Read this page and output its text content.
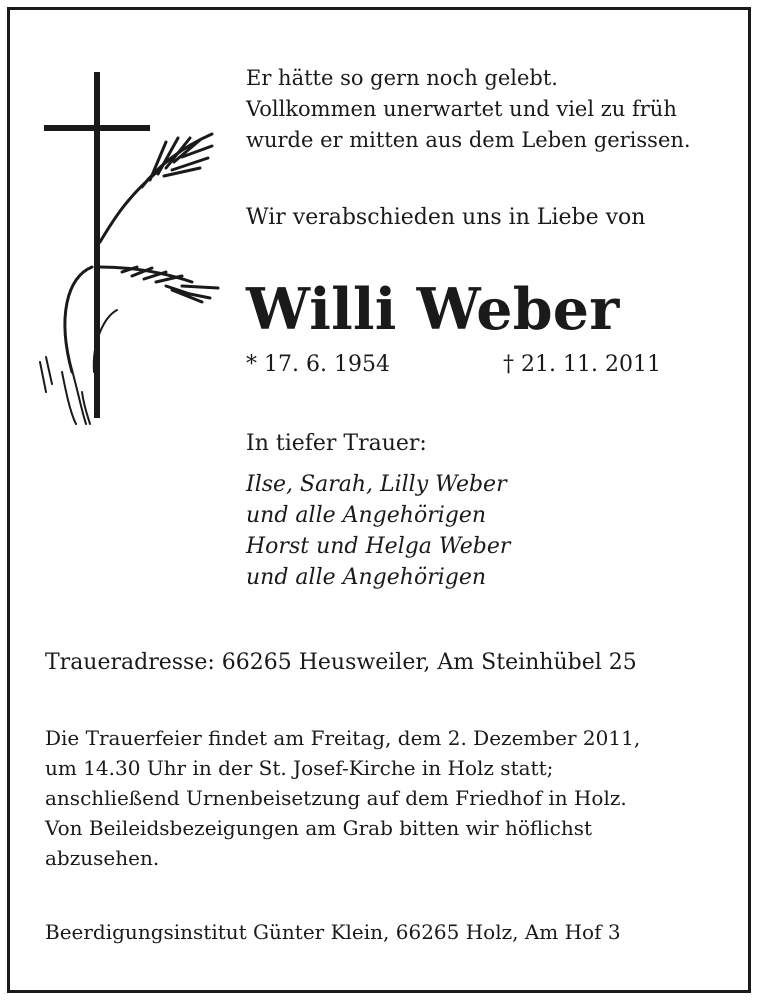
Er hätte so gern noch gelebt.
Vollkommen unerwartet und viel zu früh
wurde er mitten aus dem Leben gerissen.
Wir verabschieden uns in Liebe von
Willi Weber
* 17. 6. 1954	† 21. 11. 2011
In tiefer Trauer:
Ilse, Sarah, Lilly Weber
und alle Angehörigen
Horst und Helga Weber
und alle Angehörigen
Traueradresse: 66265 Heusweiler, Am Steinhübel 25
Die Trauerfeier findet am Freitag, dem 2. Dezember 2011,
um 14.30 Uhr in der St. Josef-Kirche in Holz statt;
anschließend Urnenbeisetzung auf dem Friedhof in Holz.
Von Beileidsbezeigungen am Grab bitten wir höflichst
abzusehen.
Beerdigungsinstitut Günter Klein, 66265 Holz, Am Hof 3
